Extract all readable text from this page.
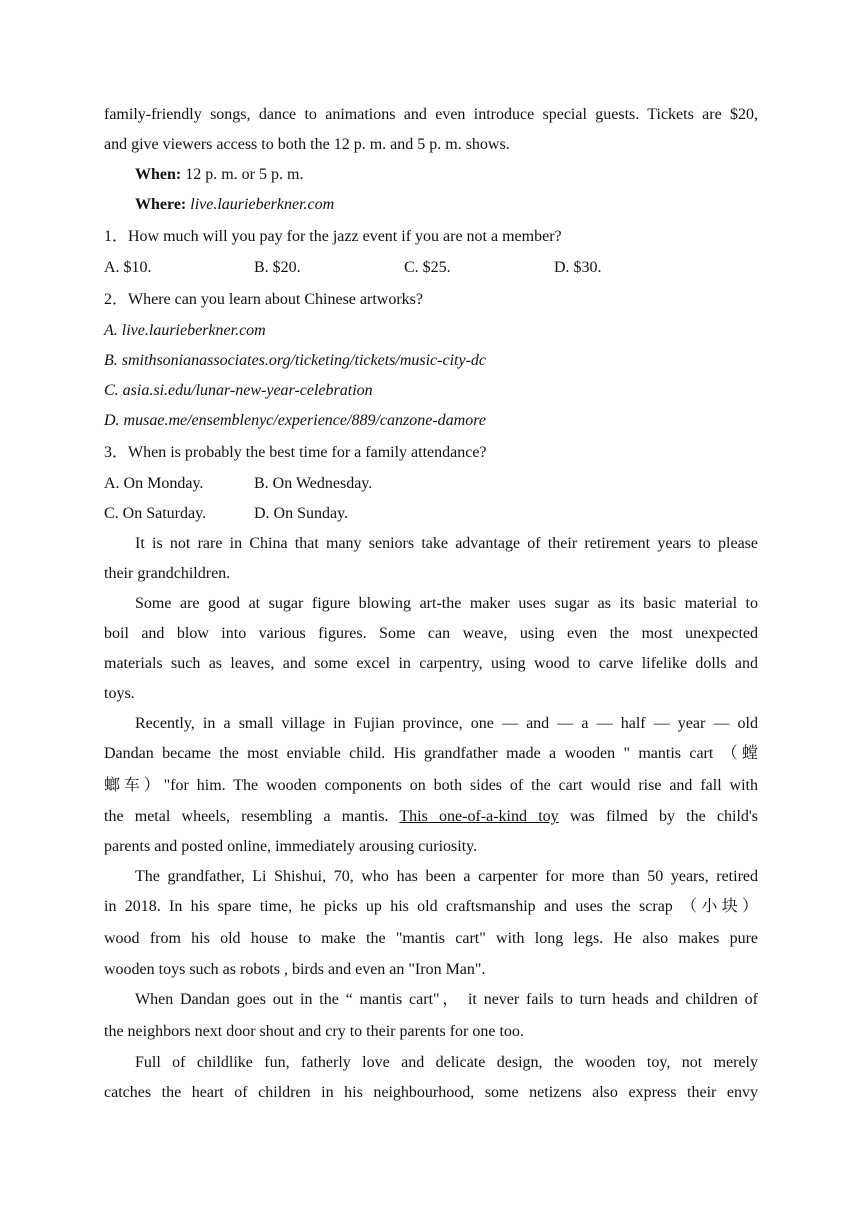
family-friendly songs, dance to animations and even introduce special guests. Tickets are $20,
and give viewers access to both the 12 p. m. and 5 p. m. shows.
When: 12 p. m. or 5 p. m.
Where: live.laurieberkner.com
1．How much will you pay for the jazz event if you are not a member?
A. $10.	B. $20.	C. $25.	D. $30.
2．Where can you learn about Chinese artworks?
A. live.laurieberkner.com
B. smithsonianassociates.org/ticketing/tickets/music-city-dc
C. asia.si.edu/lunar-new-year-celebration
D. musae.me/ensemblenyc/experience/889/canzone-damore
3．When is probably the best time for a family attendance?
A. On Monday.	B. On Wednesday.
C. On Saturday.	D. On Sunday.
It is not rare in China that many seniors take advantage of their retirement years to please
their grandchildren.
Some are good at sugar figure blowing art-the maker uses sugar as its basic material to
boil and blow into various figures. Some can weave, using even the most unexpected
materials such as leaves, and some excel in carpentry, using wood to carve lifelike dolls and
toys.
Recently, in a small village in Fujian province, one — and — a — half — year — old
Dandan became the most enviable child. His grandfather made a wooden " mantis cart （螳
螂车）"for him. The wooden components on both sides of the cart would rise and fall with
the metal wheels, resembling a mantis. This one-of-a-kind toy was filmed by the child's
parents and posted online, immediately arousing curiosity.
The grandfather, Li Shishui, 70, who has been a carpenter for more than 50 years, retired
in 2018. In his spare time, he picks up his old craftsmanship and uses the scrap （小块）
wood from his old house to make the "mantis cart" with long legs. He also makes pure
wooden toys such as robots , birds and even an "Iron Man".
When Dandan goes out in the “ mantis cart"， it never fails to turn heads and children of
the neighbors next door shout and cry to their parents for one too.
Full of childlike fun, fatherly love and delicate design, the wooden toy, not merely
catches the heart of children in his neighbourhood, some netizens also express their envy
